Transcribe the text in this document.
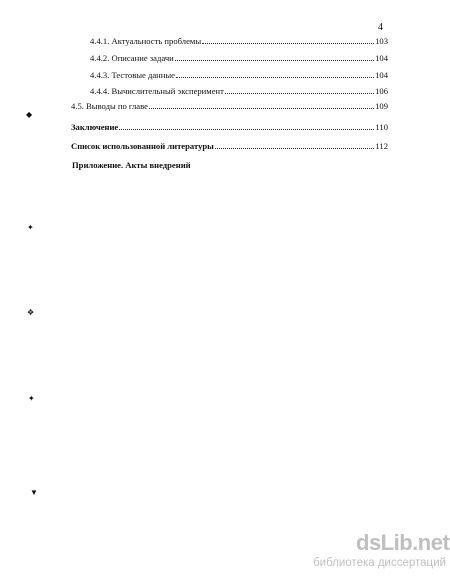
4
4.4.1. Актуальность проблемы	103
4.4.2. Описание задачи	104
4.4.3. Тестовые данные	104
4.4.4. Вычислительный эксперимент	106
4.5. Выводы по главе	109
Заключение	110
Список использованной литературы	112
Приложение. Акты внедрений
◆
✦
❖
✦
▼
dsLib.net
библиотека диссертаций
